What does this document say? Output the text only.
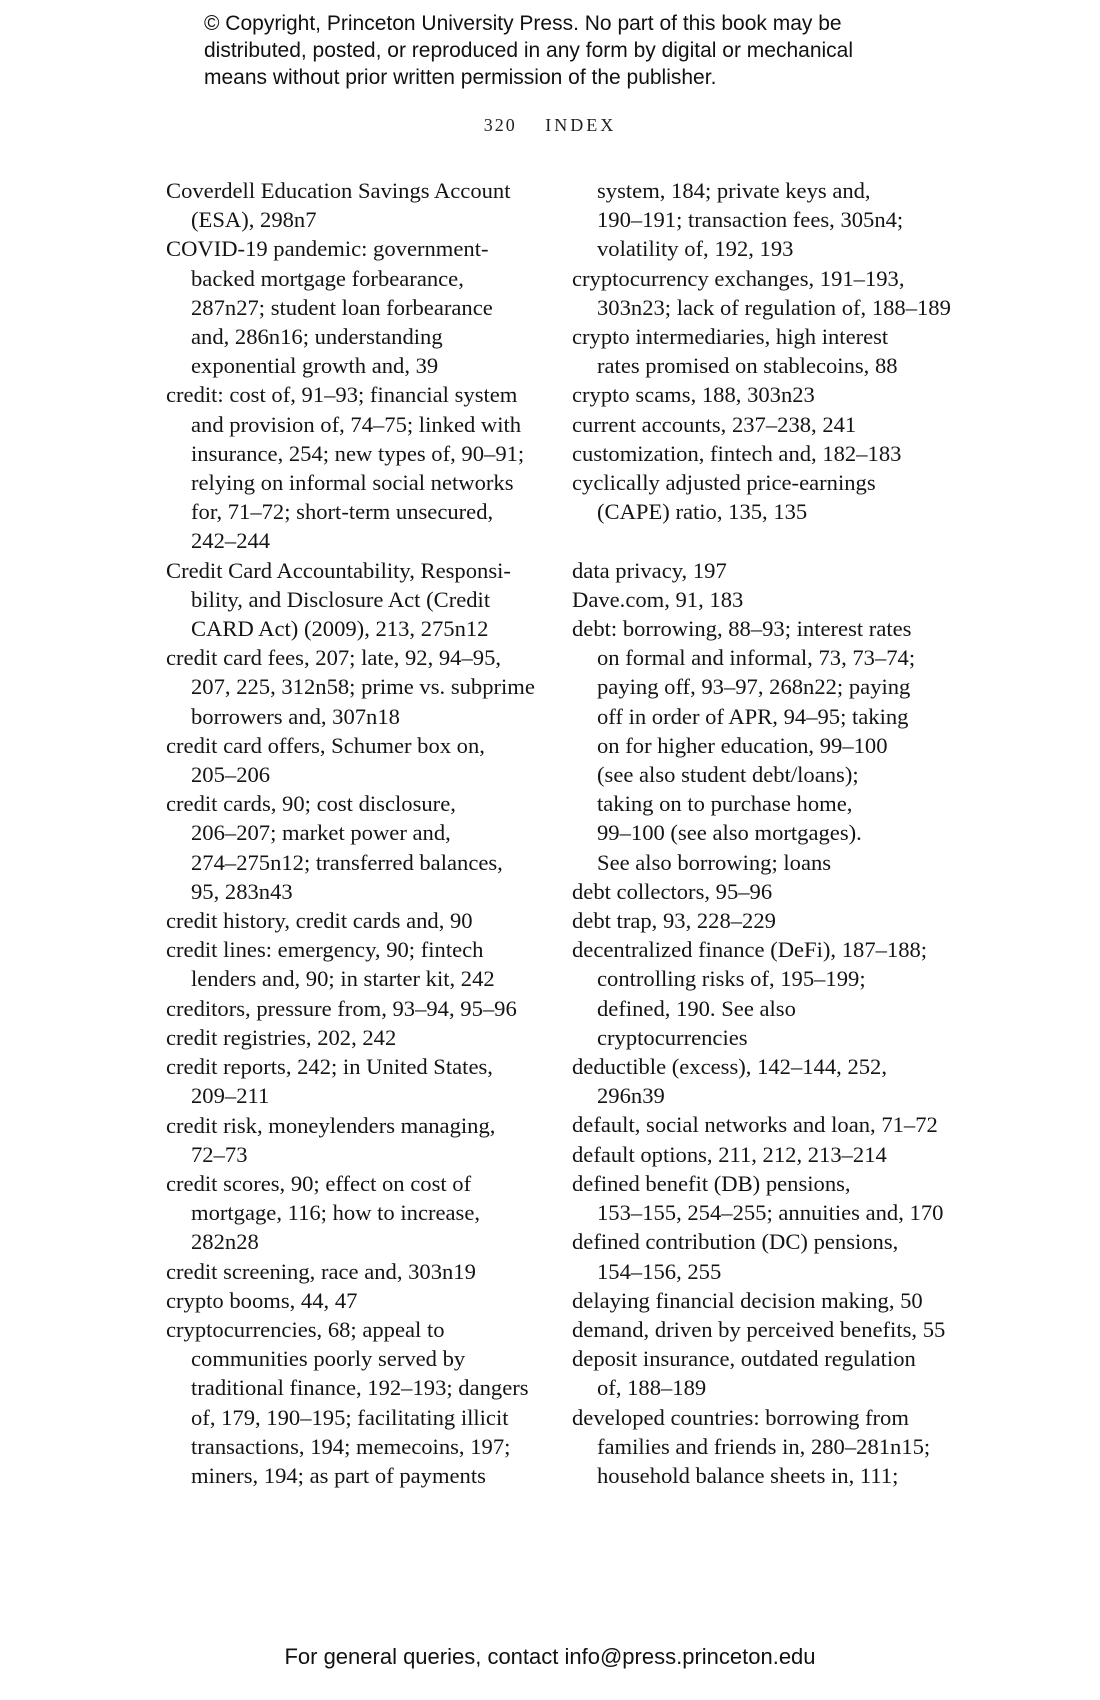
© Copyright, Princeton University Press. No part of this book may be
distributed, posted, or reproduced in any form by digital or mechanical
means without prior written permission of the publisher.
320 INDEX
Coverdell Education Savings Account
(ESA), 298n7
COVID-19 pandemic: government-
backed mortgage forbearance,
287n27; student loan forbearance
and, 286n16; understanding
exponential growth and, 39
credit: cost of, 91–93; financial system
and provision of, 74–75; linked with
insurance, 254; new types of, 90–91;
relying on informal social networks
for, 71–72; short-term unsecured,
242–244
Credit Card Accountability, Responsi-
bility, and Disclosure Act (Credit
CARD Act) (2009), 213, 275n12
credit card fees, 207; late, 92, 94–95,
207, 225, 312n58; prime vs. subprime
borrowers and, 307n18
credit card offers, Schumer box on,
205–206
credit cards, 90; cost disclosure,
206–207; market power and,
274–275n12; transferred balances,
95, 283n43
credit history, credit cards and, 90
credit lines: emergency, 90; fintech
lenders and, 90; in starter kit, 242
creditors, pressure from, 93–94, 95–96
credit registries, 202, 242
credit reports, 242; in United States,
209–211
credit risk, moneylenders managing,
72–73
credit scores, 90; effect on cost of
mortgage, 116; how to increase,
282n28
credit screening, race and, 303n19
crypto booms, 44, 47
cryptocurrencies, 68; appeal to
communities poorly served by
traditional finance, 192–193; dangers
of, 179, 190–195; facilitating illicit
transactions, 194; memecoins, 197;
miners, 194; as part of payments
system, 184; private keys and,
190–191; transaction fees, 305n4;
volatility of, 192, 193
cryptocurrency exchanges, 191–193,
303n23; lack of regulation of, 188–189
crypto intermediaries, high interest
rates promised on stablecoins, 88
crypto scams, 188, 303n23
current accounts, 237–238, 241
customization, fintech and, 182–183
cyclically adjusted price-earnings
(CAPE) ratio, 135, 135
data privacy, 197
Dave.com, 91, 183
debt: borrowing, 88–93; interest rates
on formal and informal, 73, 73–74;
paying off, 93–97, 268n22; paying
off in order of APR, 94–95; taking
on for higher education, 99–100
(see also student debt/loans);
taking on to purchase home,
99–100 (see also mortgages).
See also borrowing; loans
debt collectors, 95–96
debt trap, 93, 228–229
decentralized finance (DeFi), 187–188;
controlling risks of, 195–199;
defined, 190. See also
cryptocurrencies
deductible (excess), 142–144, 252,
296n39
default, social networks and loan, 71–72
default options, 211, 212, 213–214
defined benefit (DB) pensions,
153–155, 254–255; annuities and, 170
defined contribution (DC) pensions,
154–156, 255
delaying financial decision making, 50
demand, driven by perceived benefits, 55
deposit insurance, outdated regulation
of, 188–189
developed countries: borrowing from
families and friends in, 280–281n15;
household balance sheets in, 111;
For general queries, contact info@press.princeton.edu
